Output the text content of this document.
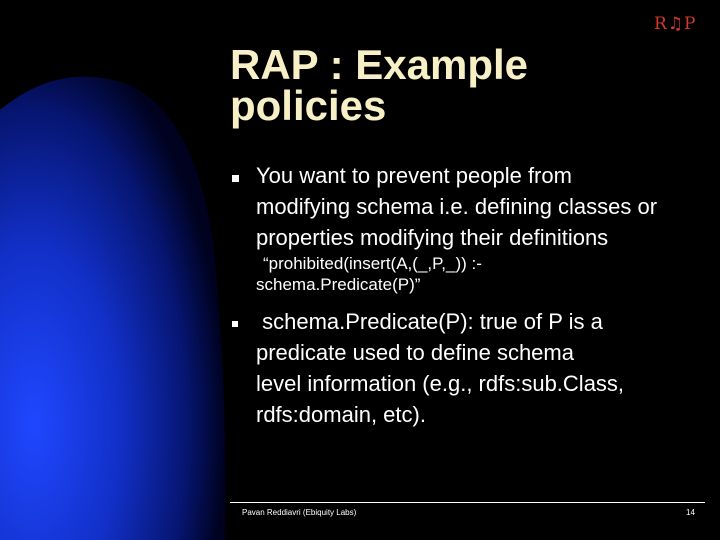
R♫P
RAP : Example
policies
You want to prevent people from
modifying schema i.e. defining classes or
properties modifying their definitions
“prohibited(insert(A,(_,P,_)) :-
schema.Predicate(P)”
schema.Predicate(P): true of P is a
predicate used to define schema
level information (e.g., rdfs:sub.Class,
rdfs:domain, etc).
Pavan Reddiavri (Ebiquity Labs)	14
